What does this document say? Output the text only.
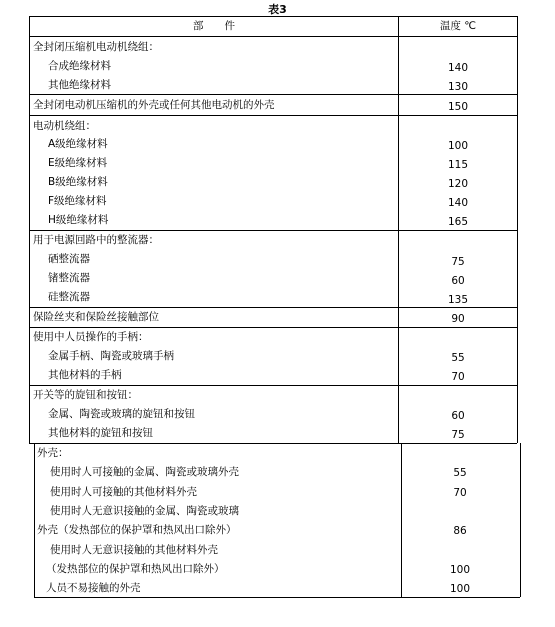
表3
部　　件	温度 ℃
全封闭压缩机电动机绕组：
合成绝缘材料
其他绝缘材料
全封闭电动机压缩机的外壳或任何其他电动机的外壳
电动机绕组：
A级绝缘材料
E级绝缘材料
B级绝缘材料
F级绝缘材料
H级绝缘材料
用于电源回路中的整流器：
硒整流器
锗整流器
硅整流器
保险丝夹和保险丝接触部位
使用中人员操作的手柄：
金属手柄、陶瓷或玻璃手柄
其他材料的手柄
开关等的旋钮和按钮：
金属、陶瓷或玻璃的旋钮和按钮
其他材料的旋钮和按钮
外壳：
使用时人可接触的金属、陶瓷或玻璃外壳
使用时人可接触的其他材料外壳
使用时人无意识接触的金属、陶瓷或玻璃
外壳（发热部位的保护罩和热风出口除外）
使用时人无意识接触的其他材料外壳
（发热部位的保护罩和热风出口除外）
人员不易接触的外壳
140
130
150
100
115
120
140
165
75
60
135
90
55
70
60
75
55
70
86
100
100
